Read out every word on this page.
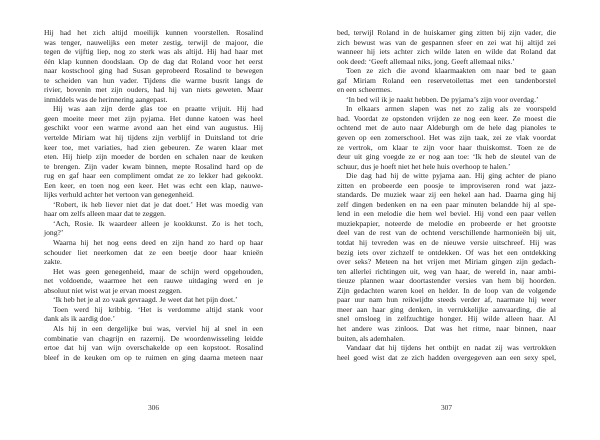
Hij had het zich altijd moeilijk kunnen voorstellen. Rosalind
was tenger, nauwelijks een meter zestig, terwijl de majoor, die
tegen de vijftig liep, nog zo sterk was als altijd. Hij had haar met
één klap kunnen doodslaan. Op de dag dat Roland voor het eerst
naar kostschool ging had Susan geprobeerd Rosalind te bewegen
te scheiden van hun vader. Tijdens die warme busrit langs de
rivier, bovenin met zijn ouders, had hij van niets geweten. Maar
inmiddels was de herinnering aangepast.
Hij was aan zijn derde glas toe en praatte vrijuit. Hij had
geen moeite meer met zijn pyjama. Het dunne katoen was heel
geschikt voor een warme avond aan het eind van augustus. Hij
vertelde Miriam wat hij tijdens zijn verblijf in Duitsland tot drie
keer toe, met variaties, had zien gebeuren. Ze waren klaar met
eten. Hij hielp zijn moeder de borden en schalen naar de keuken
te brengen. Zijn vader kwam binnen, mepte Rosalind hard op de
rug en gaf haar een compliment omdat ze zo lekker had gekookt.
Een keer, en toen nog een keer. Het was echt een klap, nauwe-
lijks verhuld achter het vertoon van genegenheid.
‘Robert, ik heb liever niet dat je dat doet.’ Het was moedig van
haar om zelfs alleen maar dat te zeggen.
‘Ach, Rosie. Ik waardeer alleen je kookkunst. Zo is het toch,
jong?’
Waarna hij het nog eens deed en zijn hand zo hard op haar
schouder liet neerkomen dat ze een beetje door haar knieën
zakte.
Het was geen genegenheid, maar de schijn werd opgehouden,
net voldoende, waarmee het een rauwe uitdaging werd en je
absoluut niet wist wat je ervan moest zeggen.
‘Ik heb het je al zo vaak gevraagd. Je weet dat het pijn doet.’
Toen werd hij kribbig. ‘Het is verdomme altijd stank voor
dank als ik aardig doe.’
Als hij in een dergelijke bui was, verviel hij al snel in een
combinatie van chagrijn en razernij. De woordenwisseling leidde
ertoe dat hij van wijn overschakelde op een kopstoot. Rosalind
bleef in de keuken om op te ruimen en ging daarna meteen naar
bed, terwijl Roland in de huiskamer ging zitten bij zijn vader, die
zich bewust was van de gespannen sfeer en zei wat hij altijd zei
wanneer hij iets achter zich wilde laten en wilde dat Roland dat
ook deed: ‘Geeft allemaal niks, jong. Geeft allemaal niks.’
Toen ze zich die avond klaarmaakten om naar bed te gaan
gaf Miriam Roland een reservetoilettas met een tandenborstel
en een scheermes.
‘In bed wil ik je naakt hebben. De pyjama’s zijn voor overdag.’
In elkaars armen slapen was net zo zalig als ze voorspeld
had. Voordat ze opstonden vrijden ze nog een keer. Ze moest die
ochtend met de auto naar Aldeburgh om de hele dag pianoles te
geven op een zomerschool. Het was zijn taak, zei ze vlak voordat
ze vertrok, om klaar te zijn voor haar thuiskomst. Toen ze de
deur uit ging voegde ze er nog aan toe: ‘Ik heb de sleutel van de
schuur, dus je hoeft niet het hele huis overhoop te halen.’
Die dag had hij de witte pyjama aan. Hij ging achter de piano
zitten en probeerde een poosje te improviseren rond wat jazz-
standards. De muziek waar zij een hekel aan had. Daarna ging hij
zelf dingen bedenken en na een paar minuten belandde hij al spe-
lend in een melodie die hem wel beviel. Hij vond een paar vellen
muziekpapier, noteerde de melodie en probeerde er het grootste
deel van de rest van de ochtend verschillende harmonieën bij uit,
totdat hij tevreden was en de nieuwe versie uitschreef. Hij was
bezig iets over zichzelf te ontdekken. Of was het een ontdekking
over seks? Meteen na het vrijen met Miriam gingen zijn gedach-
ten allerlei richtingen uit, weg van haar, de wereld in, naar ambi-
tieuze plannen waar doortastender versies van hem bij hoorden.
Zijn gedachten waren koel en helder. In de loop van de volgende
paar uur nam hun reikwijdte steeds verder af, naarmate hij weer
meer aan haar ging denken, in verrukkelijke aanvaarding, die al
snel omsloeg in zelfzuchtige honger. Hij wilde alleen haar. Al
het andere was zinloos. Dat was het ritme, naar binnen, naar
buiten, als ademhalen.
Vandaar dat hij tijdens het ontbijt en nadat zij was vertrokken
heel goed wist dat ze zich hadden overgegeven aan een sexy spel,
306	307
